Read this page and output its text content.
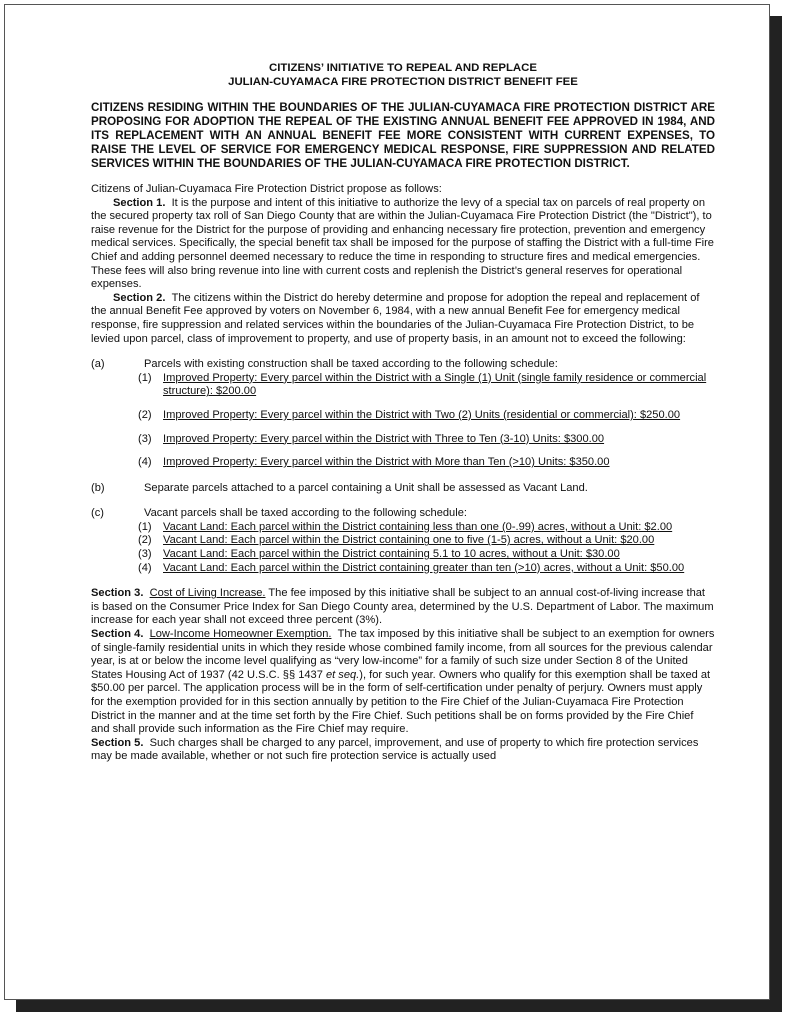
CITIZENS’ INITIATIVE TO REPEAL AND REPLACE
JULIAN-CUYAMACA FIRE PROTECTION DISTRICT BENEFIT FEE

CITIZENS RESIDING WITHIN THE BOUNDARIES OF THE JULIAN-CUYAMACA FIRE PROTECTION DISTRICT ARE PROPOSING FOR ADOPTION THE REPEAL OF THE EXISTING ANNUAL BENEFIT FEE APPROVED IN 1984, AND ITS REPLACEMENT WITH AN ANNUAL BENEFIT FEE MORE CONSISTENT WITH CURRENT EXPENSES, TO RAISE THE LEVEL OF SERVICE FOR EMERGENCY MEDICAL RESPONSE, FIRE SUPPRESSION AND RELATED SERVICES WITHIN THE BOUNDARIES OF THE JULIAN-CUYAMACA FIRE PROTECTION DISTRICT.

Citizens of Julian-Cuyamaca Fire Protection District propose as follows:

Section 1. It is the purpose and intent of this initiative to authorize the levy of a special tax on parcels of real property on the secured property tax roll of San Diego County that are within the Julian-Cuyamaca Fire Protection District (the "District"), to raise revenue for the District for the purpose of providing and enhancing necessary fire protection, prevention and emergency medical services. Specifically, the special benefit tax shall be imposed for the purpose of staffing the District with a full-time Fire Chief and adding personnel deemed necessary to reduce the time in responding to structure fires and medical emergencies. These fees will also bring revenue into line with current costs and replenish the District’s general reserves for operational expenses.

Section 2. The citizens within the District do hereby determine and propose for adoption the repeal and replacement of the annual Benefit Fee approved by voters on November 6, 1984, with a new annual Benefit Fee for emergency medical response, fire suppression and related services within the boundaries of the Julian-Cuyamaca Fire Protection District, to be levied upon parcel, class of improvement to property, and use of property basis, in an amount not to exceed the following:

(a)	Parcels with existing construction shall be taxed according to the following schedule:
(1)	Improved Property: Every parcel within the District with a Single (1) Unit (single family residence or commercial structure): $200.00
(2)	Improved Property: Every parcel within the District with Two (2) Units (residential or commercial): $250.00
(3)	Improved Property: Every parcel within the District with Three to Ten (3-10) Units: $300.00
(4)	Improved Property: Every parcel within the District with More than Ten (>10) Units: $350.00
(b)	Separate parcels attached to a parcel containing a Unit shall be assessed as Vacant Land.
(c)	Vacant parcels shall be taxed according to the following schedule:
(1)	Vacant Land: Each parcel within the District containing less than one (0-.99) acres, without a Unit: $2.00
(2)	Vacant Land: Each parcel within the District containing one to five (1-5) acres, without a Unit: $20.00
(3)	Vacant Land: Each parcel within the District containing 5.1 to 10 acres, without a Unit: $30.00
(4)	Vacant Land: Each parcel within the District containing greater than ten (>10) acres, without a Unit: $50.00

Section 3. Cost of Living Increase. The fee imposed by this initiative shall be subject to an annual cost-of-living increase that is based on the Consumer Price Index for San Diego County area, determined by the U.S. Department of Labor. The maximum increase for each year shall not exceed three percent (3%).

Section 4. Low-Income Homeowner Exemption. The tax imposed by this initiative shall be subject to an exemption for owners of single-family residential units in which they reside whose combined family income, from all sources for the previous calendar year, is at or below the income level qualifying as “very low-income” for a family of such size under Section 8 of the United States Housing Act of 1937 (42 U.S.C. §§ 1437 et seq.), for such year. Owners who qualify for this exemption shall be taxed at $50.00 per parcel. The application process will be in the form of self-certification under penalty of perjury. Owners must apply for the exemption provided for in this section annually by petition to the Fire Chief of the Julian-Cuyamaca Fire Protection District in the manner and at the time set forth by the Fire Chief. Such petitions shall be on forms provided by the Fire Chief and shall provide such information as the Fire Chief may require.

Section 5. Such charges shall be charged to any parcel, improvement, and use of property to which fire protection services may be made available, whether or not such fire protection service is actually used
